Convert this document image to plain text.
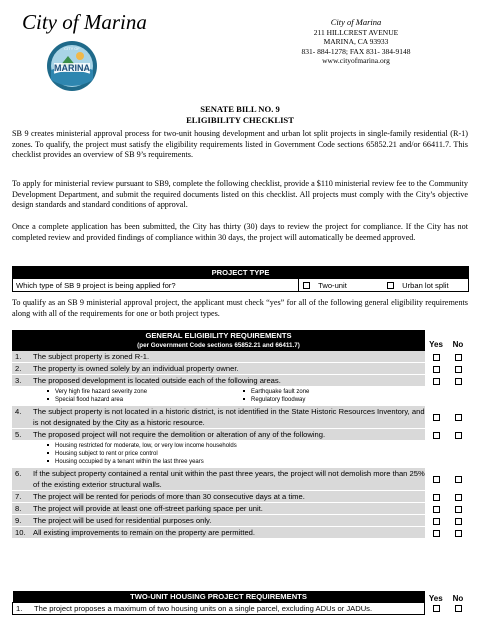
City of Marina
MARINA
CITY OF
City of Marina
211 HILLCREST AVENUE
MARINA, CA 93933
831- 884-1278; FAX 831- 384-9148
www.cityofmarina.org
SENATE BILL NO. 9
ELIGIBILITY CHECKLIST
SB 9 creates ministerial approval process for two-unit housing development and urban lot split projects in single-family residential (R-1) zones. To qualify, the project must satisfy the eligibility requirements listed in Government Code sections 65852.21 and/or 66411.7. This checklist provides an overview of SB 9’s requirements.
To apply for ministerial review pursuant to SB9, complete the following checklist, provide a $110 ministerial review fee to the Community Development Department, and submit the required documents listed on this checklist. All projects must comply with the City’s objective design standards and standard conditions of approval.
Once a complete application has been submitted, the City has thirty (30) days to review the project for compliance. If the City has not completed review and provided findings of compliance within 30 days, the project will automatically be deemed approved.
PROJECT TYPE
Which type of SB 9 project is being applied for?	Two-unit	Urban lot split
To qualify as an SB 9 ministerial approval project, the applicant must check “yes” for all of the following general eligibility requirements along with all of the requirements for one or both project types.
GENERAL ELIGIBILITY REQUIREMENTS
(per Government Code sections 65852.21 and 66411.7)		Yes	No
1.	The subject property is zoned R-1.		
2.	The property is owned solely by an individual property owner.		
3.	The proposed development is located outside each of the following areas.		

	Very high fire hazard severity zone Earthquake fault zone
Special flood hazard area Regulatory floodway		

4.	The subject property is not located in a historic district, is not identified in the State Historic Resources Inventory, and is not designated by the City as a historic resource.		
5.	The proposed project will not require the demolition or alteration of any of the following.		

	Housing restricted for moderate, low, or very low income households
Housing subject to rent or price control
Housing occupied by a tenant within the last three years		

6.	If the subject property contained a rental unit within the past three years, the project will not demolish more than 25% of the existing exterior structural walls.		
7.	The project will be rented for periods of more than 30 consecutive days at a time.		
8.	The project will provide at least one off-street parking space per unit.		
9.	The project will be used for residential purposes only.		
10.	All existing improvements to remain on the property are permitted.		
TWO-UNIT HOUSING PROJECT REQUIREMENTS		Yes	No
1.	The project proposes a maximum of two housing units on a single parcel, excluding ADUs or JADUs.		
